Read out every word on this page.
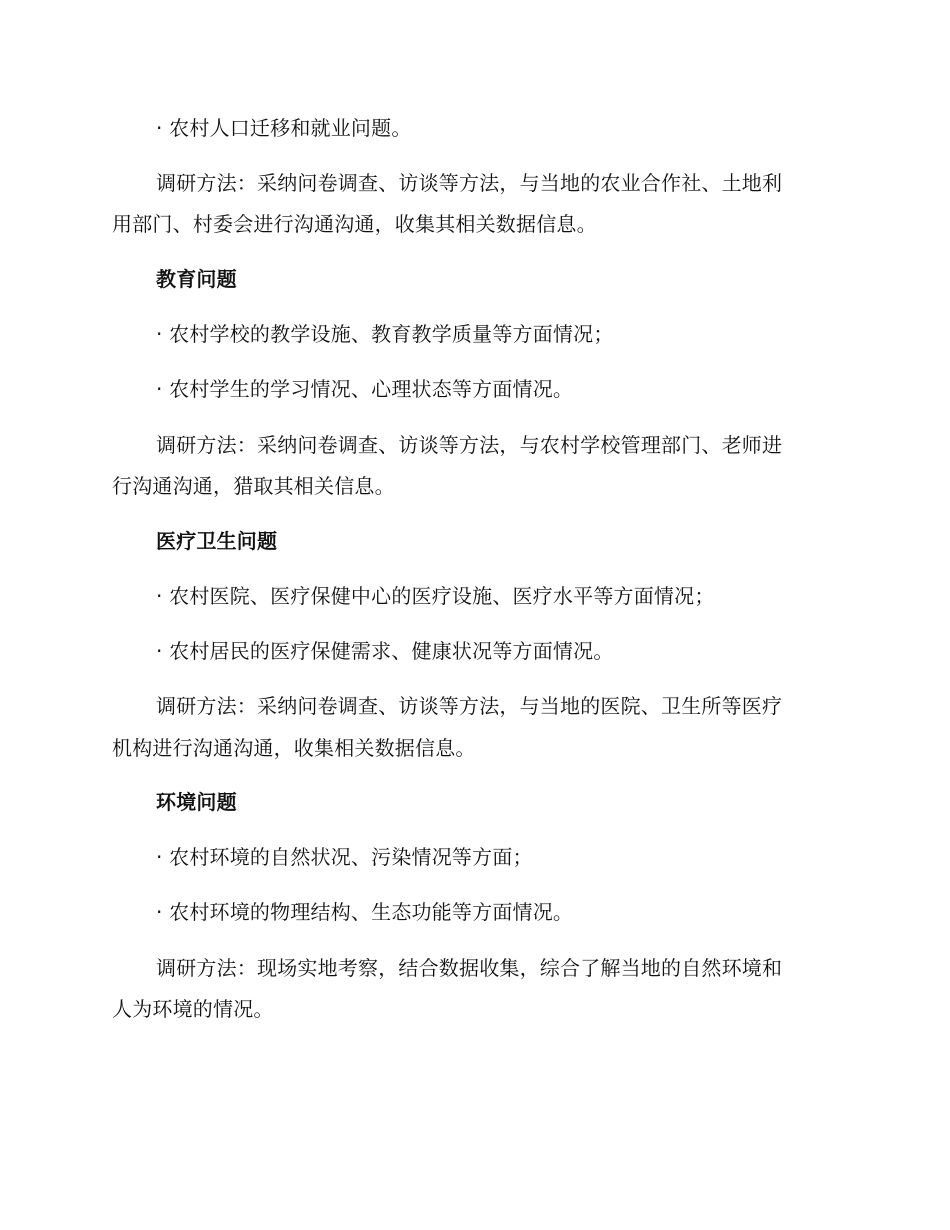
· 农村人口迁移和就业问题。
调研方法：采纳问卷调查、访谈等方法，与当地的农业合作社、土地利
用部门、村委会进行沟通沟通，收集其相关数据信息。
教育问题
· 农村学校的教学设施、教育教学质量等方面情况；
· 农村学生的学习情况、心理状态等方面情况。
调研方法：采纳问卷调查、访谈等方法，与农村学校管理部门、老师进
行沟通沟通，猎取其相关信息。
医疗卫生问题
· 农村医院、医疗保健中心的医疗设施、医疗水平等方面情况；
· 农村居民的医疗保健需求、健康状况等方面情况。
调研方法：采纳问卷调查、访谈等方法，与当地的医院、卫生所等医疗
机构进行沟通沟通，收集相关数据信息。
环境问题
· 农村环境的自然状况、污染情况等方面；
· 农村环境的物理结构、生态功能等方面情况。
调研方法：现场实地考察，结合数据收集，综合了解当地的自然环境和
人为环境的情况。
